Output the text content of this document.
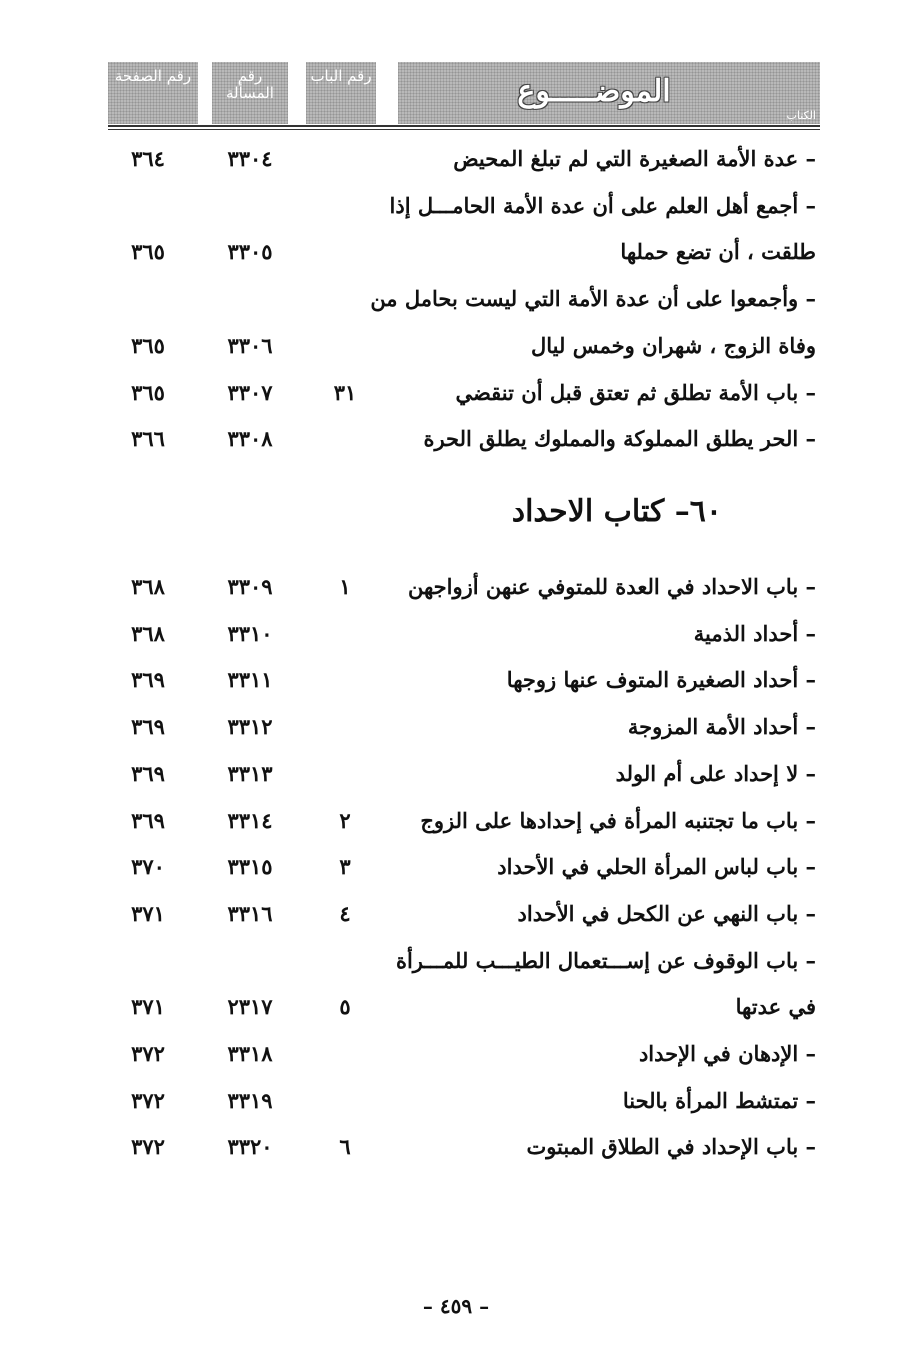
رقم الصفحة	رقم المسألة
رقم الباب	الموضـــــوع
الكتاب
– عدة الأمة الصغيرة التي لم تبلغ المحيض
٣٣٠٤
٣٦٤
– أجمع أهل العلم على أن عدة الأمة الحامـــل إذا
طلقت ، أن تضع حملها
٣٣٠٥
٣٦٥
– وأجمعوا على أن عدة الأمة التي ليست بحامل من
وفاة الزوج ، شهران وخمس ليال
٣٣٠٦
٣٦٥
– باب الأمة تطلق ثم تعتق قبل أن تنقضي
٣١
٣٣٠٧
٣٦٥
– الحر يطلق المملوكة والمملوك يطلق الحرة
٣٣٠٨
٣٦٦
٦٠– كتاب الاحداد
– باب الاحداد في العدة للمتوفي عنهن أزواجهن
١
٣٣٠٩
٣٦٨
– أحداد الذمية
٣٣١٠
٣٦٨
– أحداد الصغيرة المتوف عنها زوجها
٣٣١١
٣٦٩
– أحداد الأمة المزوجة
٣٣١٢
٣٦٩
– لا إحداد على أم الولد
٣٣١٣
٣٦٩
– باب ما تجتنبه المرأة في إحدادها على الزوج
٢
٣٣١٤
٣٦٩
– باب لباس المرأة الحلي في الأحداد
٣
٣٣١٥
٣٧٠
– باب النهي عن الكحل في الأحداد
٤
٣٣١٦
٣٧١
– باب الوقوف عن إســـتعمال الطيـــب للمـــرأة
في عدتها
٥
٢٣١٧
٣٧١
– الإدهان في الإحداد
٣٣١٨
٣٧٢
– تمتشط المرأة بالحنا
٣٣١٩
٣٧٢
– باب الإحداد في الطلاق المبتوت
٦
٣٣٢٠
٣٧٢
– ٤٥٩ –
